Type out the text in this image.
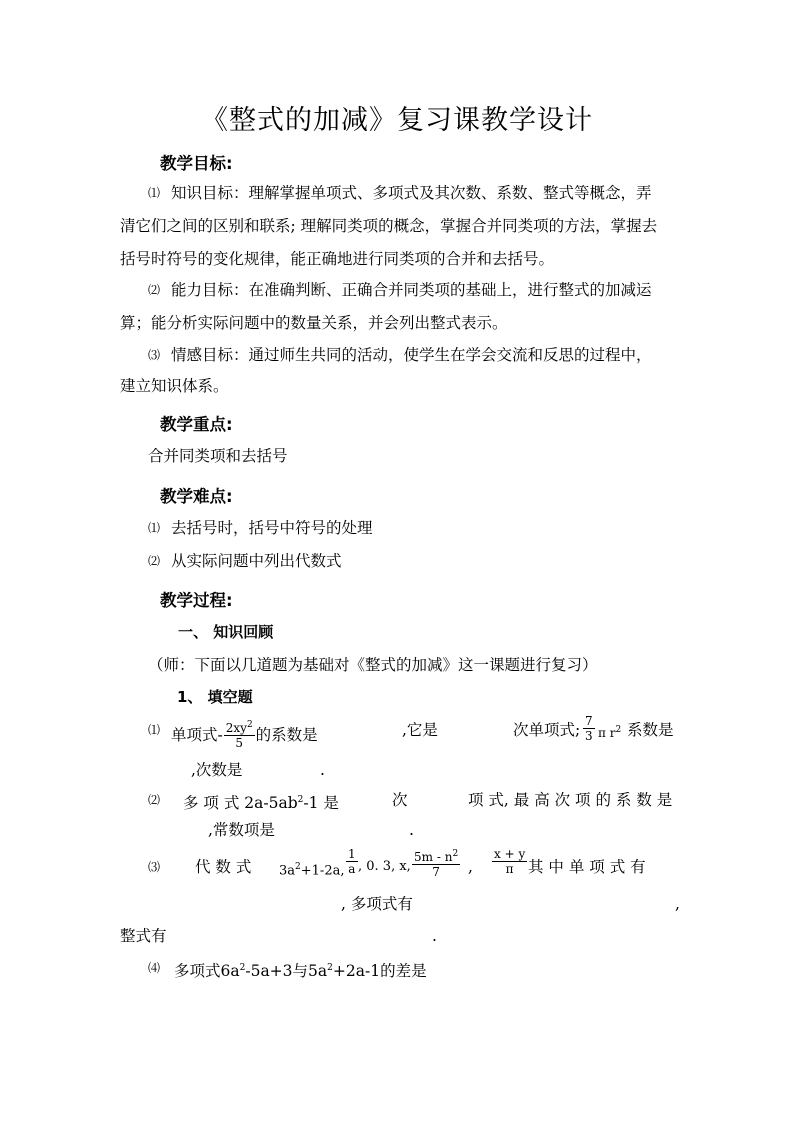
《整式的加减》复习课教学设计
教学目标:
⑴ 知识目标：理解掌握单项式、多项式及其次数、系数、整式等概念，弄
清它们之间的区别和联系; 理解同类项的概念，掌握合并同类项的方法，掌握去
括号时符号的变化规律，能正确地进行同类项的合并和去括号。
⑵ 能力目标：在准确判断、正确合并同类项的基础上，进行整式的加减运
算；能分析实际问题中的数量关系，并会列出整式表示。
⑶ 情感目标：通过师生共同的活动，使学生在学会交流和反思的过程中，
建立知识体系。
教学重点:
合并同类项和去括号
教学难点:
⑴ 去括号时，括号中符号的处理
⑵ 从实际问题中列出代数式
教学过程:
一、 知识回顾
（师：下面以几道题为基础对《整式的加减》这一课题进行复习）
1、 填空题
⑴ 单项式- $\frac{2xy^2}{5}$ 的系数是	,它是	次单项式; $\frac{7}{3}$ π $r^2$ 系数是
,次数是	.
⑵ 多 项 式 $2a-5ab^2-1$ 是	次	项 式, 最 高 次 项 的 系 数 是
,常数项是	.
⑶ 代 数 式 $3a^2+1-2a$, $\frac{1}{a}$ , 0. 3, x, $\frac{5m - n^2}{7}$ , $\frac{x + y}{\pi}$ 其 中 单 项 式 有
, 多项式有	,
整式有	.
⑷ 多项式$6a^2-5a+3$与$5a^2+2a-1$的差是
